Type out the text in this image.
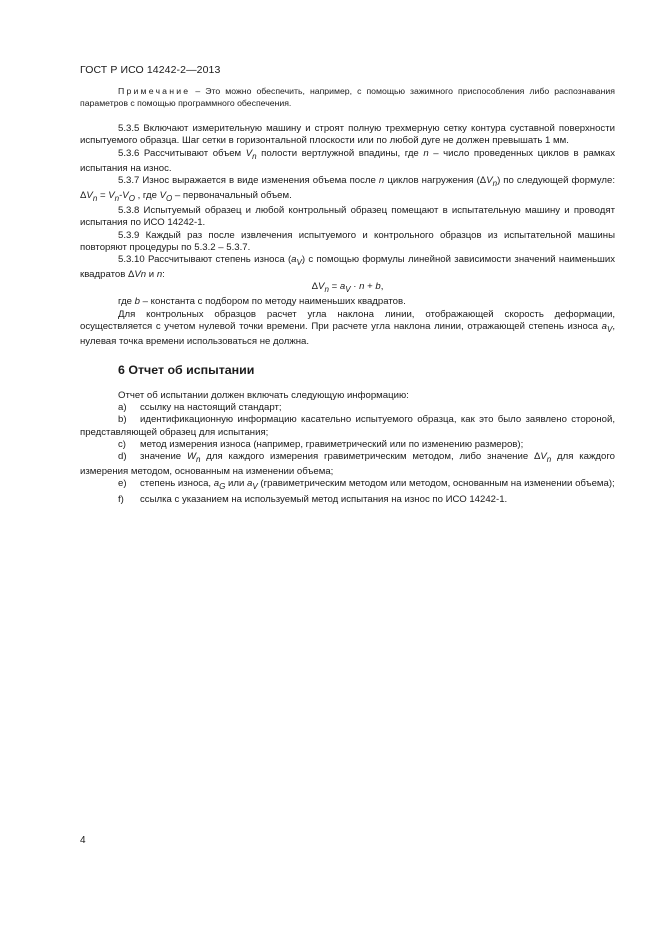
ГОСТ Р ИСО 14242-2—2013

Примечание – Это можно обеспечить, например, с помощью зажимного приспособления либо распознавания параметров с помощью программного обеспечения.

5.3.5 Включают измерительную машину и строят полную трехмерную сетку контура суставной поверхности испытуемого образца. Шаг сетки в горизонтальной плоскости или по любой дуге не должен превышать 1 мм.

5.3.6 Рассчитывают объем $V_n$ полости вертлужной впадины, где n – число проведенных циклов в рамках испытания на износ.

5.3.7 Износ выражается в виде изменения объема после n циклов нагружения $(\Delta V_n)$ по следующей формуле: $\Delta V_n = V_n-V_O$ , где $V_O$ – первоначальный объем.

5.3.8 Испытуемый образец и любой контрольный образец помещают в испытательную машину и проводят испытания по ИСО 14242-1.

5.3.9 Каждый раз после извлечения испытуемого и контрольного образцов из испытательной машины повторяют процедуры по 5.3.2 – 5.3.7.

5.3.10 Рассчитывают степень износа $(a_V)$ с помощью формулы линейной зависимости значений наименьших квадратов ΔVn и n:

$\Delta V_n = a_V \cdot n + b$,

где b – константа с подбором по методу наименьших квадратов.

Для контрольных образцов расчет угла наклона линии, отображающей скорость деформации, осуществляется с учетом нулевой точки времени. При расчете угла наклона линии, отражающей степень износа $a_V$, нулевая точка времени использоваться не должна.

6 Отчет об испытании

Отчет об испытании должен включать следующую информацию:

a) ссылку на настоящий стандарт;

b) идентификационную информацию касательно испытуемого образца, как это было заявлено стороной, представляющей образец для испытания;

c) метод измерения износа (например, гравиметрический или по изменению размеров);

d) значение $W_n$ для каждого измерения гравиметрическим методом, либо значение $\Delta V_n$ для каждого измерения методом, основанным на изменении объема;

e) степень износа, $a_G$ или $a_V$ (гравиметрическим методом или методом, основанным на изменении объема);

f) ссылка с указанием на используемый метод испытания на износ по ИСО 14242-1.

4
